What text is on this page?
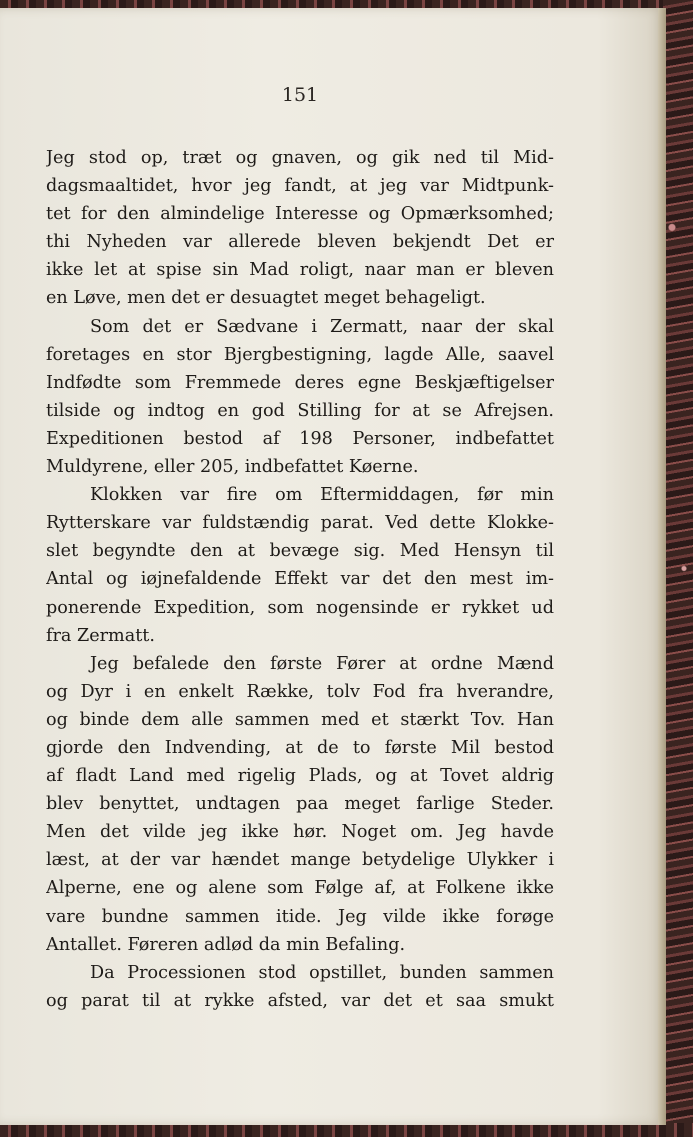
151
Jeg stod op, træt og gnaven, og gik ned til Mid-
dagsmaaltidet, hvor jeg fandt, at jeg var Midtpunk-
tet for den almindelige Interesse og Opmærksomhed;
thi Nyheden var allerede bleven bekjendt Det er
ikke let at spise sin Mad roligt, naar man er bleven
en Løve, men det er desuagtet meget behageligt.
Som det er Sædvane i Zermatt, naar der skal
foretages en stor Bjergbestigning, lagde Alle, saavel
Indfødte som Fremmede deres egne Beskjæftigelser
tilside og indtog en god Stilling for at se Afrejsen.
Expeditionen bestod af 198 Personer, indbefattet
Muldyrene, eller 205, indbefattet Køerne.
Klokken var fire om Eftermiddagen, før min
Rytterskare var fuldstændig parat. Ved dette Klokke-
slet begyndte den at bevæge sig. Med Hensyn til
Antal og iøjnefaldende Effekt var det den mest im-
ponerende Expedition, som nogensinde er rykket ud
fra Zermatt.
Jeg befalede den første Fører at ordne Mænd
og Dyr i en enkelt Række, tolv Fod fra hverandre,
og binde dem alle sammen med et stærkt Tov. Han
gjorde den Indvending, at de to første Mil bestod
af fladt Land med rigelig Plads, og at Tovet aldrig
blev benyttet, undtagen paa meget farlige Steder.
Men det vilde jeg ikke hør. Noget om. Jeg havde
læst, at der var hændet mange betydelige Ulykker i
Alperne, ene og alene som Følge af, at Folkene ikke
vare bundne sammen itide. Jeg vilde ikke forøge
Antallet. Føreren adlød da min Befaling.
Da Processionen stod opstillet, bunden sammen
og parat til at rykke afsted, var det et saa smukt
